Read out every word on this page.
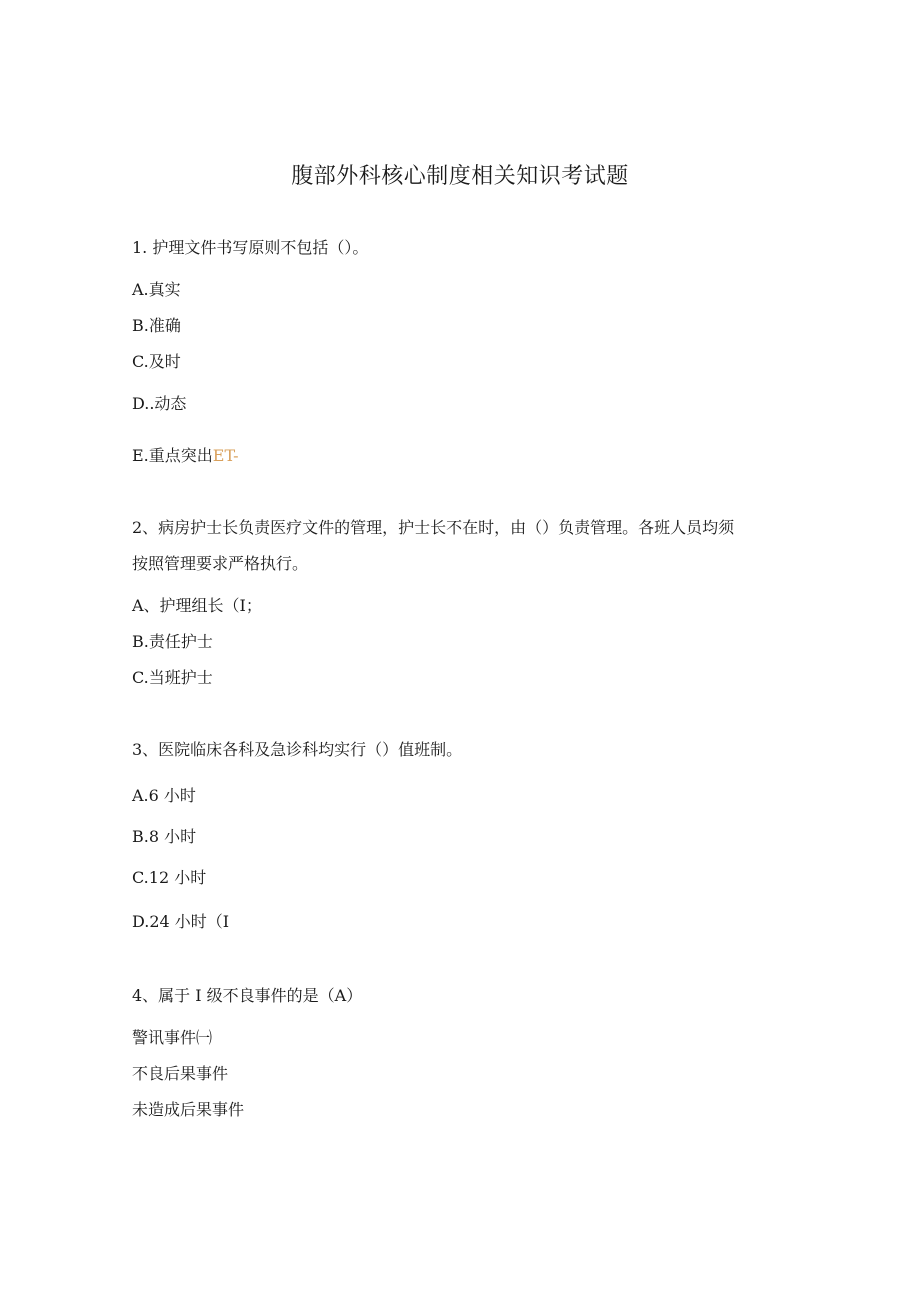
腹部外科核心制度相关知识考试题
1. 护理文件书写原则不包括（）。
A.真实
B.准确
C.及时
D..动态
E.重点突出ET-
2、病房护士长负责医疗文件的管理，护士长不在时，由（）负责管理。各班人员均须
按照管理要求严格执行。
A、护理组长（I；
B.责任护士
C.当班护士
3、医院临床各科及急诊科均实行（）值班制。
A.6 小时
B.8 小时
C.12 小时
D.24 小时（I
4、属于 I 级不良事件的是（A）
警讯事件㈠
不良后果事件
未造成后果事件
